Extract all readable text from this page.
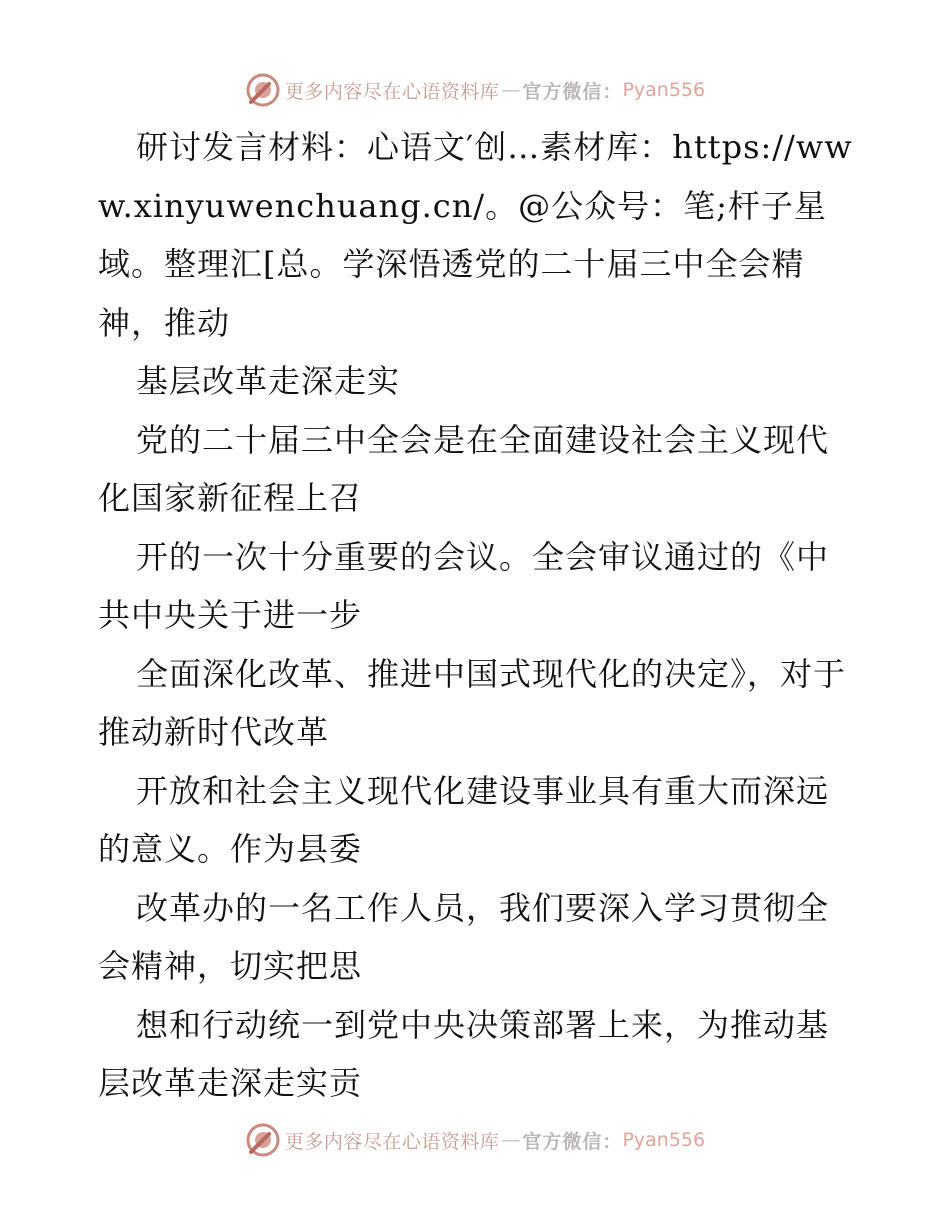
更多内容尽在心语资料库 — 官方微信： Pyan556

研讨发言材料：心语文′创…素材库：https://www.xinyuwenchuang.cn/。@公众号：笔;杆子星域。整理汇[总。学深悟透党的二十届三中全会精神，推动

基层改革走深走实

党的二十届三中全会是在全面建设社会主义现代化国家新征程上召

开的一次十分重要的会议。全会审议通过的《中共中央关于进一步

全面深化改革、推进中国式现代化的决定》，对于推动新时代改革

开放和社会主义现代化建设事业具有重大而深远的意义。作为县委

改革办的一名工作人员，我们要深入学习贯彻全会精神，切实把思

想和行动统一到党中央决策部署上来，为推动基层改革走深走实贡

更多内容尽在心语资料库 — 官方微信： Pyan556
